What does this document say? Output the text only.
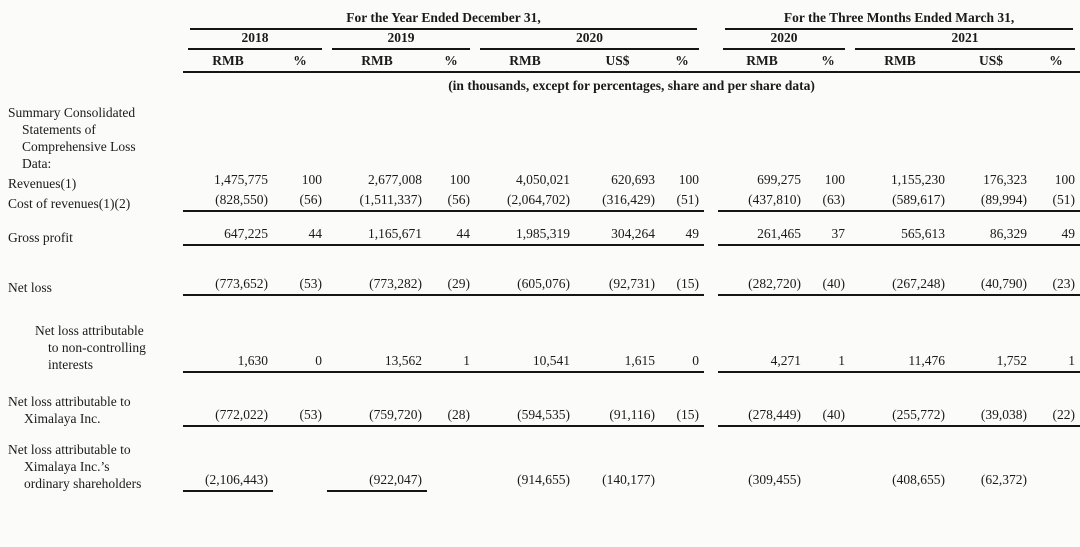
	For the Year Ended December 31,								For the Three Months Ended March 31,				

	2018		2019		2020				2020		2021		

	RMB	%	RMB	%	RMB	US$	%		RMB	%	RMB	US$	%
	(in thousands, except for percentages, share and per share data)												

Summary Consolidated
Statements of
Comprehensive Loss
Data:													

Revenues(1)	1,475,775	100	2,677,008	100	4,050,021	620,693	100		699,275	100	1,155,230	176,323	100

Cost of revenues(1)(2)	(828,550)	(56)	(1,511,337)	(56)	(2,064,702)	(316,429)	(51)		(437,810)	(63)	(589,617)	(89,994)	(51)

Gross profit	647,225	44	1,165,671	44	1,985,319	304,264	49		261,465	37	565,613	86,329	49

Net loss	(773,652)	(53)	(773,282)	(29)	(605,076)	(92,731)	(15)		(282,720)	(40)	(267,248)	(40,790)	(23)

Net loss attributable
to non-controlling
interests	1,630	0	13,562	1	10,541	1,615	0		4,271	1	11,476	1,752	1

Net loss attributable to
Ximalaya Inc.	(772,022)	(53)	(759,720)	(28)	(594,535)	(91,116)	(15)		(278,449)	(40)	(255,772)	(39,038)	(22)

Net loss attributable to
Ximalaya Inc.’s
ordinary shareholders	(2,106,443)		(922,047)		(914,655)	(140,177)			(309,455)		(408,655)	(62,372)	
